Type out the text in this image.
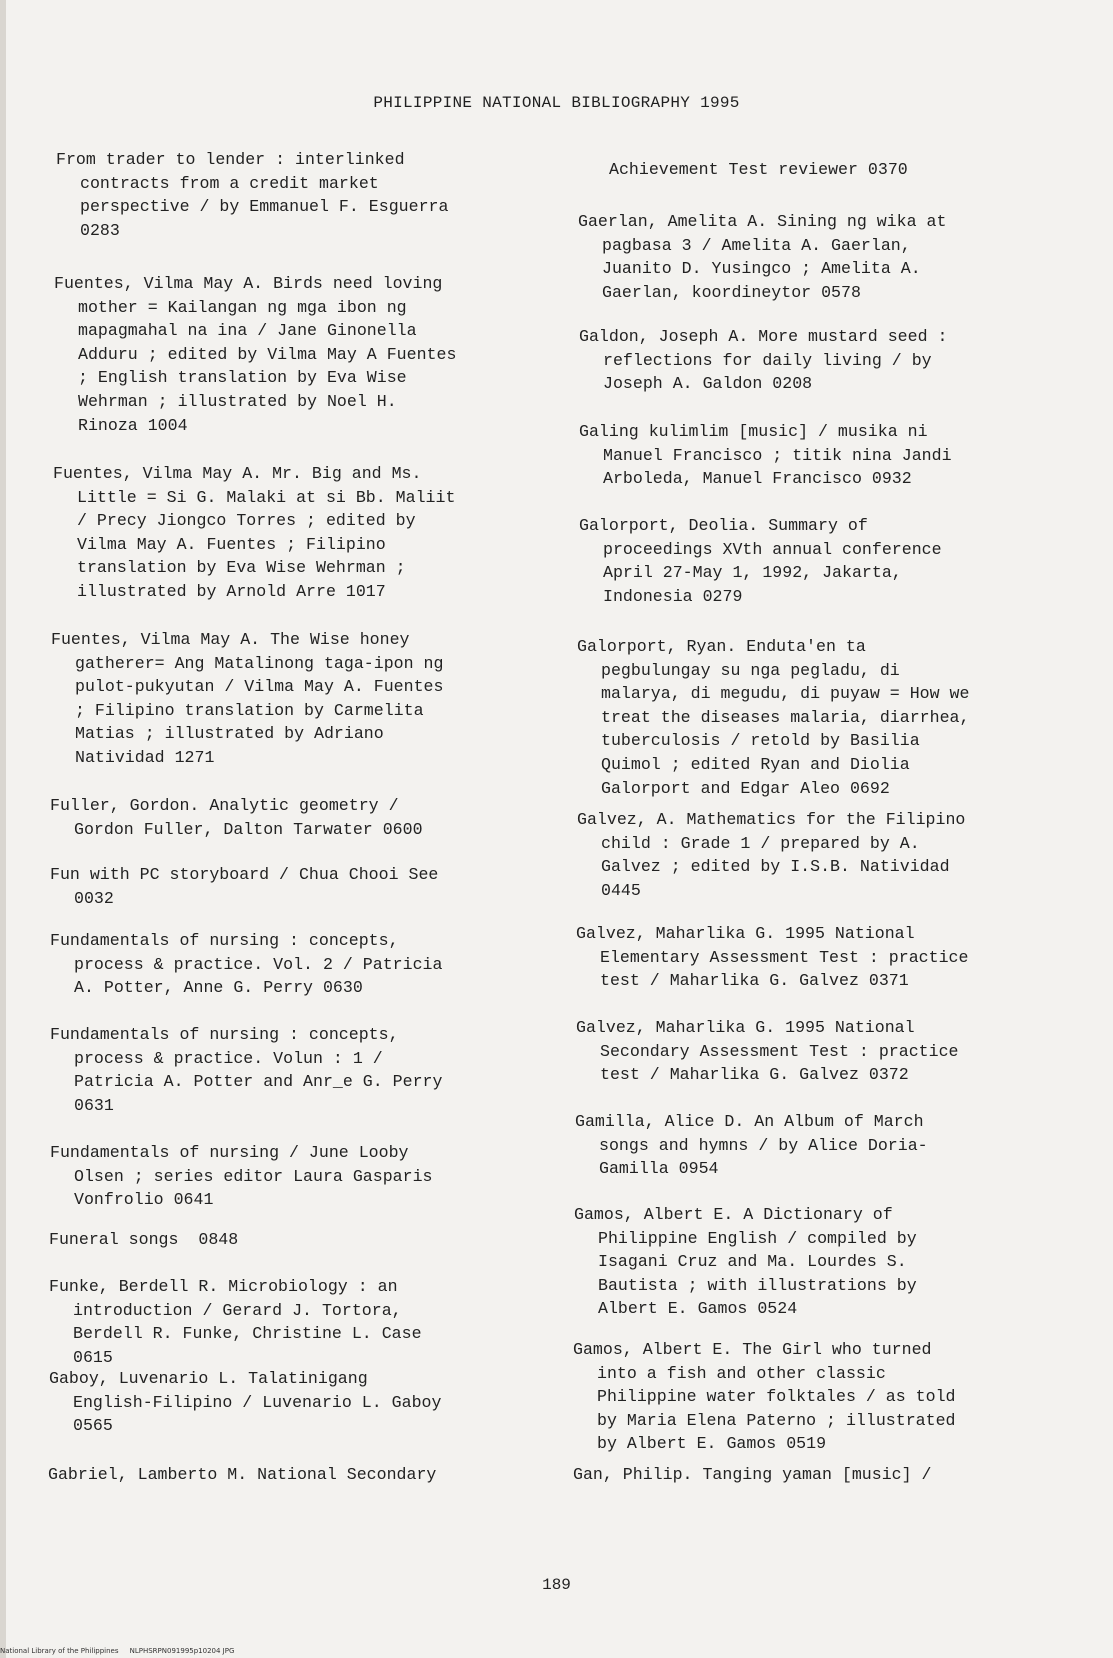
PHILIPPINE NATIONAL BIBLIOGRAPHY 1995
From trader to lender : interlinked
contracts from a credit market
perspective / by Emmanuel F. Esguerra
0283
Fuentes, Vilma May A. Birds need loving
mother = Kailangan ng mga ibon ng
mapagmahal na ina / Jane Ginonella
Adduru ; edited by Vilma May A Fuentes
; English translation by Eva Wise
Wehrman ; illustrated by Noel H.
Rinoza 1004
Fuentes, Vilma May A. Mr. Big and Ms.
Little = Si G. Malaki at si Bb. Maliit
/ Precy Jiongco Torres ; edited by
Vilma May A. Fuentes ; Filipino
translation by Eva Wise Wehrman ;
illustrated by Arnold Arre 1017
Fuentes, Vilma May A. The Wise honey
gatherer= Ang Matalinong taga-ipon ng
pulot-pukyutan / Vilma May A. Fuentes
; Filipino translation by Carmelita
Matias ; illustrated by Adriano
Natividad 1271
Fuller, Gordon. Analytic geometry /
Gordon Fuller, Dalton Tarwater 0600
Fun with PC storyboard / Chua Chooi See
0032
Fundamentals of nursing : concepts,
process & practice. Vol. 2 / Patricia
A. Potter, Anne G. Perry 0630
Fundamentals of nursing : concepts,
process & practice. Volun : 1 /
Patricia A. Potter and Anr_e G. Perry
0631
Fundamentals of nursing / June Looby
Olsen ; series editor Laura Gasparis
Vonfrolio 0641
Funeral songs  0848
Funke, Berdell R. Microbiology : an
introduction / Gerard J. Tortora,
Berdell R. Funke, Christine L. Case
0615
Gaboy, Luvenario L. Talatinigang
English-Filipino / Luvenario L. Gaboy
0565
Gabriel, Lamberto M. National Secondary
Achievement Test reviewer 0370
Gaerlan, Amelita A. Sining ng wika at
pagbasa 3 / Amelita A. Gaerlan,
Juanito D. Yusingco ; Amelita A.
Gaerlan, koordineytor 0578
Galdon, Joseph A. More mustard seed :
reflections for daily living / by
Joseph A. Galdon 0208
Galing kulimlim [music] / musika ni
Manuel Francisco ; titik nina Jandi
Arboleda, Manuel Francisco 0932
Galorport, Deolia. Summary of
proceedings XVth annual conference
April 27-May 1, 1992, Jakarta,
Indonesia 0279
Galorport, Ryan. Enduta'en ta
pegbulungay su nga pegladu, di
malarya, di megudu, di puyaw = How we
treat the diseases malaria, diarrhea,
tuberculosis / retold by Basilia
Quimol ; edited Ryan and Diolia
Galorport and Edgar Aleo 0692
Galvez, A. Mathematics for the Filipino
child : Grade 1 / prepared by A.
Galvez ; edited by I.S.B. Natividad
0445
Galvez, Maharlika G. 1995 National
Elementary Assessment Test : practice
test / Maharlika G. Galvez 0371
Galvez, Maharlika G. 1995 National
Secondary Assessment Test : practice
test / Maharlika G. Galvez 0372
Gamilla, Alice D. An Album of March
songs and hymns / by Alice Doria-
Gamilla 0954
Gamos, Albert E. A Dictionary of
Philippine English / compiled by
Isagani Cruz and Ma. Lourdes S.
Bautista ; with illustrations by
Albert E. Gamos 0524
Gamos, Albert E. The Girl who turned
into a fish and other classic
Philippine water folktales / as told
by Maria Elena Paterno ; illustrated
by Albert E. Gamos 0519
Gan, Philip. Tanging yaman [music] /
189
National Library of the Philippines     NLPHSRPN091995p10204 JPG
